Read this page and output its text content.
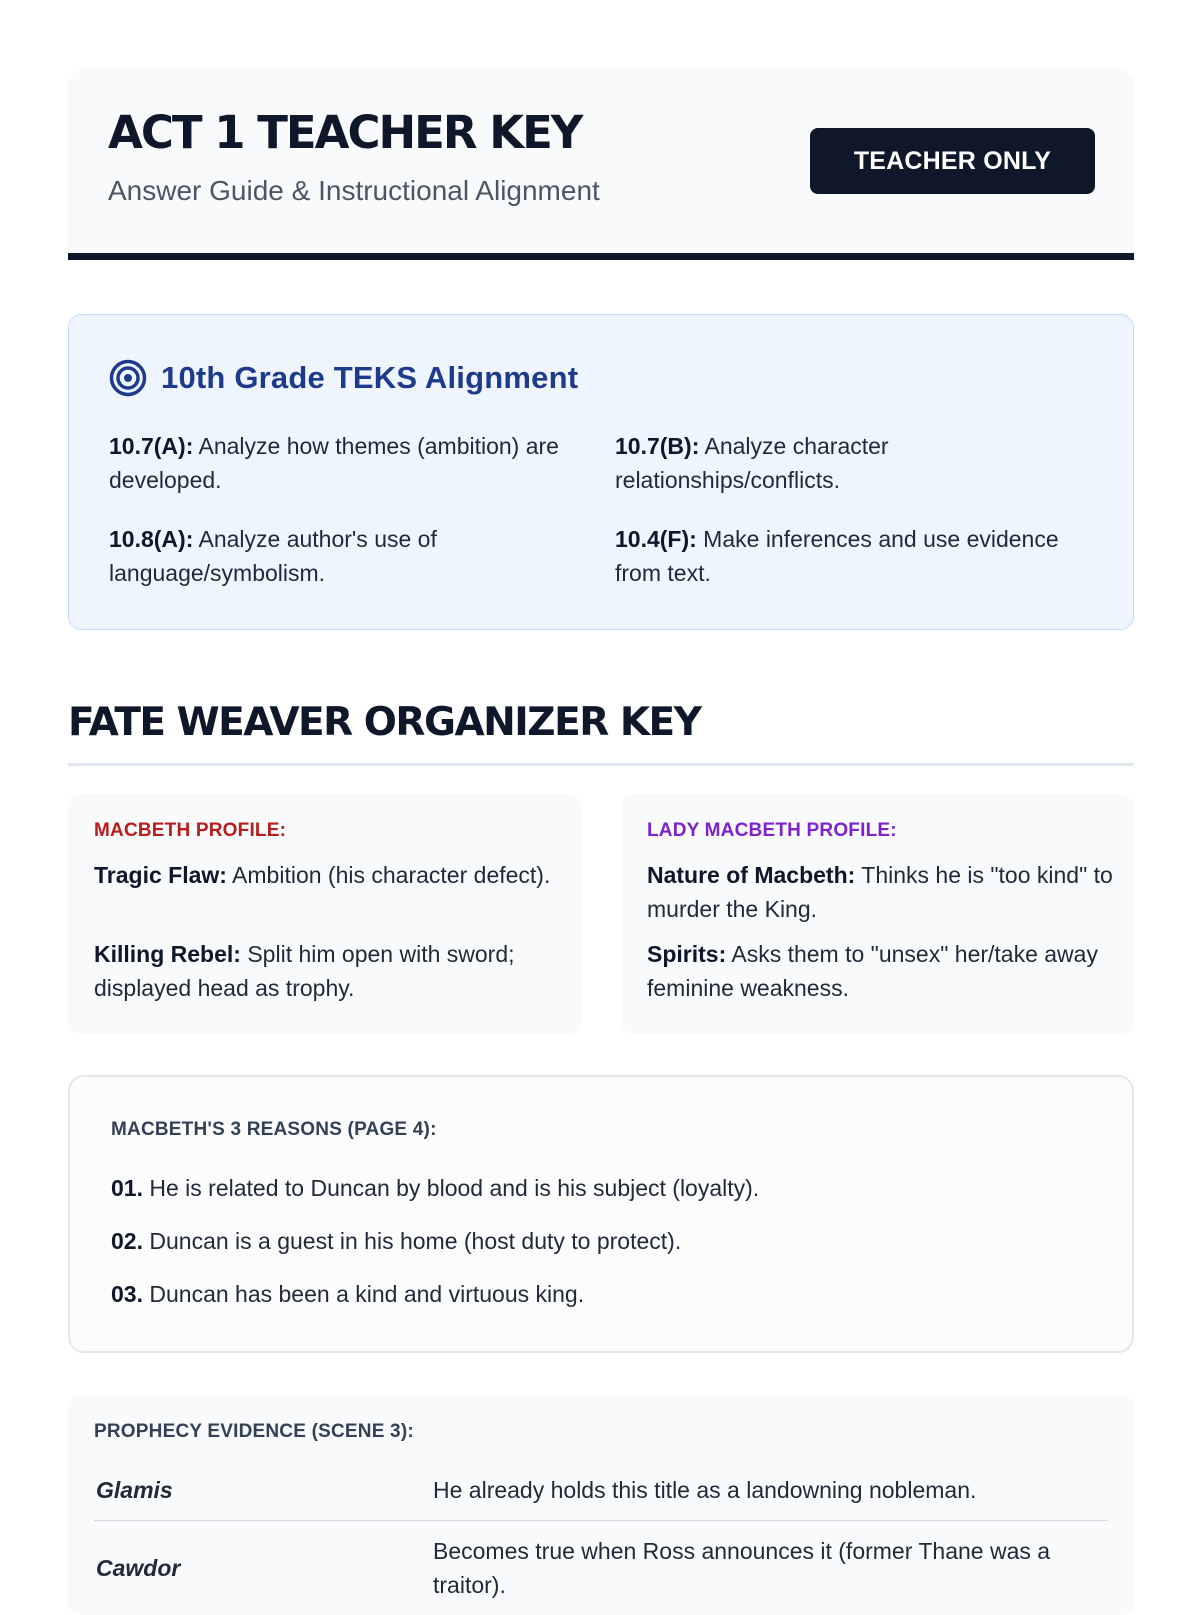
ACT 1 TEACHER KEY
Answer Guide & Instructional Alignment
TEACHER ONLY
10th Grade TEKS Alignment
10.7(A): Analyze how themes (ambition) are developed.
10.7(B): Analyze character relationships/conflicts.
10.8(A): Analyze author's use of language/symbolism.
10.4(F): Make inferences and use evidence from text.
FATE WEAVER ORGANIZER KEY
MACBETH PROFILE:
Tragic Flaw: Ambition (his character defect).
Killing Rebel: Split him open with sword; displayed head as trophy.
LADY MACBETH PROFILE:
Nature of Macbeth: Thinks he is "too kind" to murder the King.
Spirits: Asks them to "unsex" her/take away feminine weakness.
MACBETH'S 3 REASONS (PAGE 4):
01. He is related to Duncan by blood and is his subject (loyalty).
02. Duncan is a guest in his home (host duty to protect).
03. Duncan has been a kind and virtuous king.
PROPHECY EVIDENCE (SCENE 3):
Glamis	He already holds this title as a landowning nobleman.
Cawdor
Becomes true when Ross announces it (former Thane was a traitor).
